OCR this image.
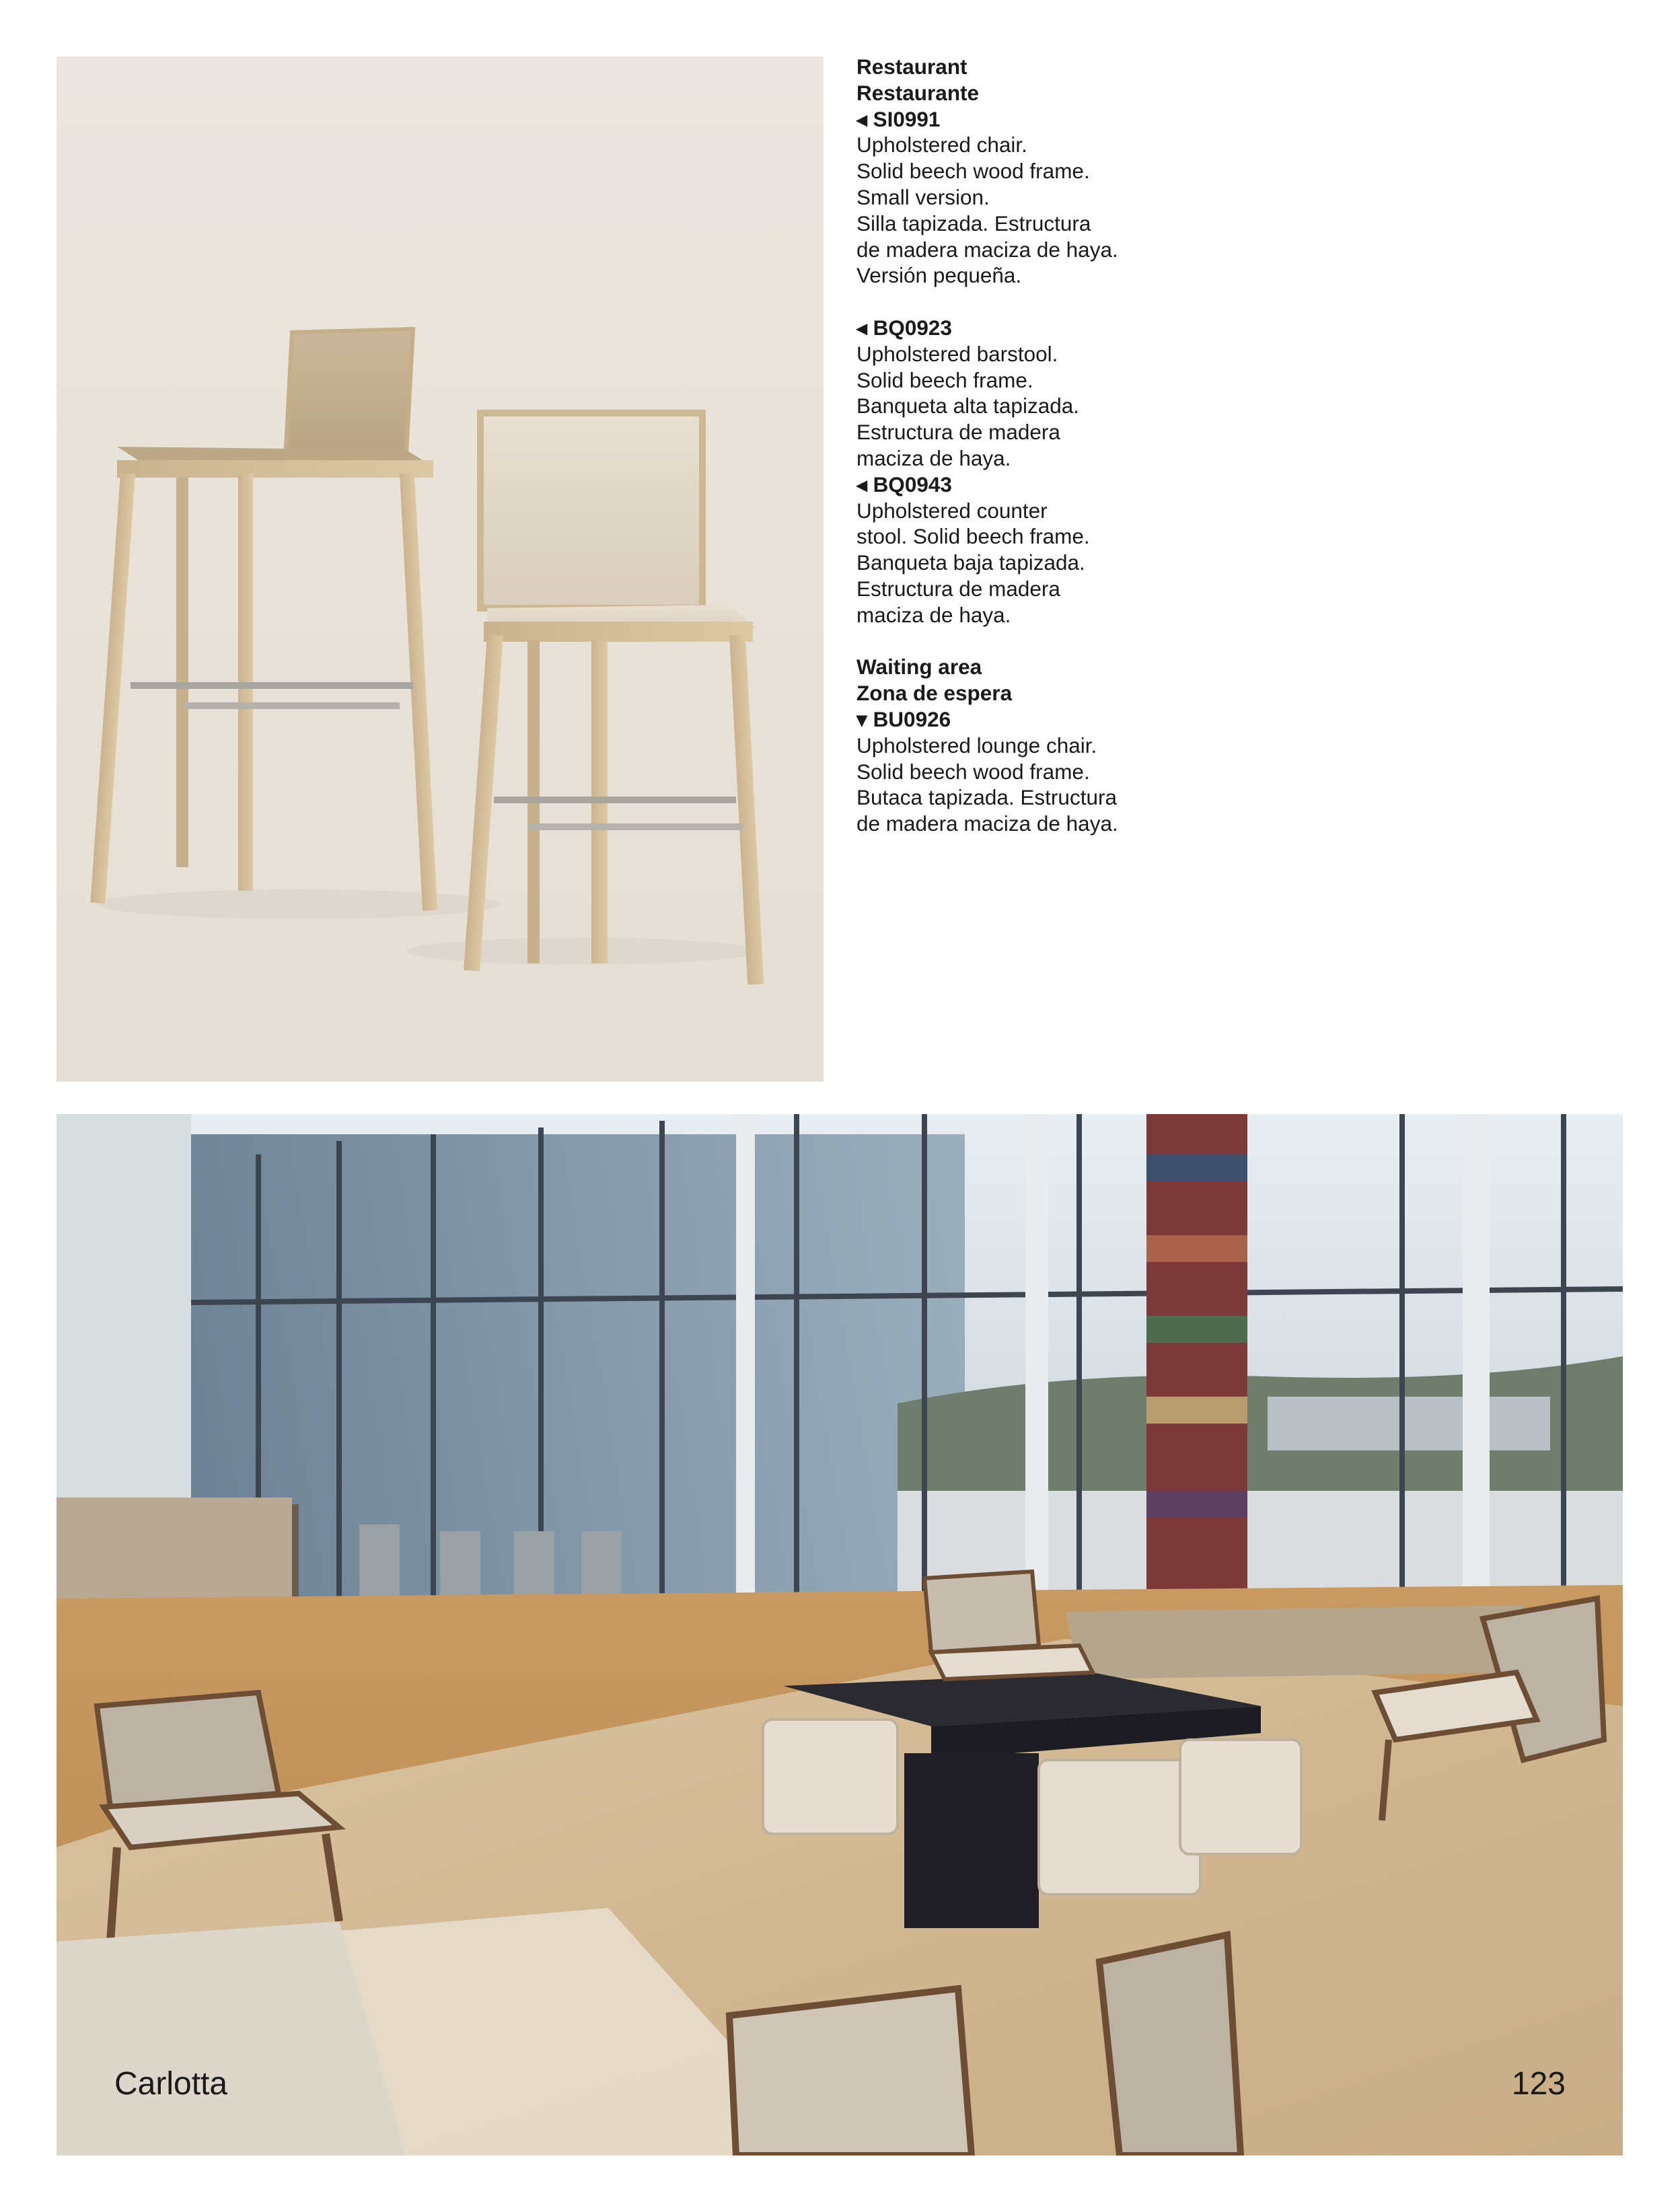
Restaurant

Restaurante

◂ SI0991

Upholstered chair.

Solid beech wood frame.

Small version.

Silla tapizada. Estructura

de madera maciza de haya.

Versión pequeña.

◂ BQ0923

Upholstered barstool.

Solid beech frame.

Banqueta alta tapizada.

Estructura de madera

maciza de haya.

◂ BQ0943

Upholstered counter

stool. Solid beech frame.

Banqueta baja tapizada.

Estructura de madera

maciza de haya.

Waiting area

Zona de espera

▾ BU0926

Upholstered lounge chair.

Solid beech wood frame.

Butaca tapizada. Estructura

de madera maciza de haya.

Carlotta	123
